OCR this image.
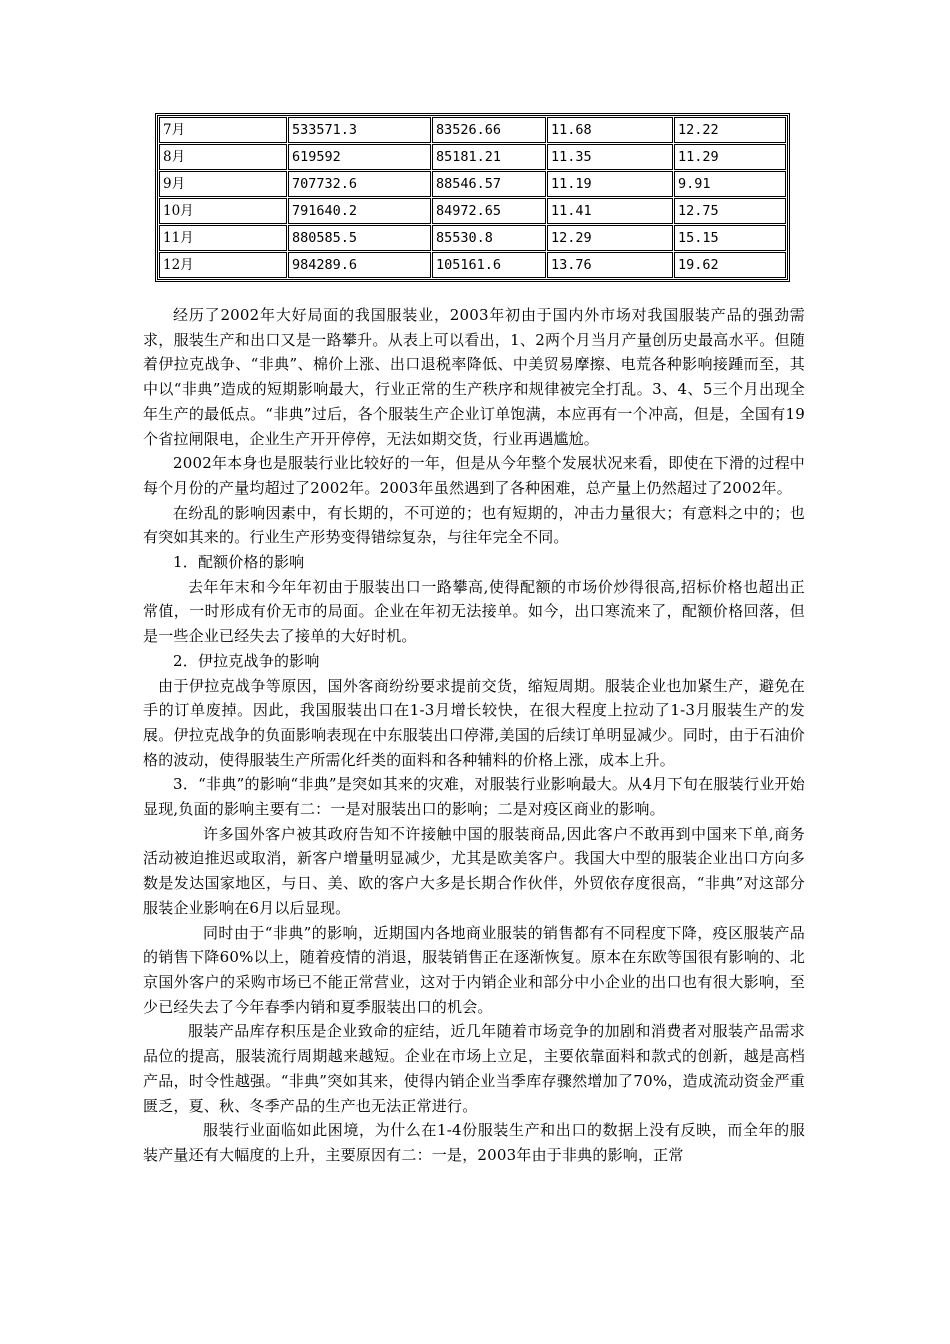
7月	533571.3	83526.66	11.68	12.22
8月	619592	85181.21	11.35	11.29
9月	707732.6	88546.57	11.19	9.91
10月	791640.2	84972.65	11.41	12.75
11月	880585.5	85530.8	12.29	15.15
12月	984289.6	105161.6	13.76	19.62

经历了2002年大好局面的我国服装业，2003年初由于国内外市场对我国服装产品的强劲需求，服装生产和出口又是一路攀升。从表上可以看出，1、2两个月当月产量创历史最高水平。但随着伊拉克战争、“非典”、棉价上涨、出口退税率降低、中美贸易摩擦、电荒各种影响接踵而至，其中以“非典”造成的短期影响最大，行业正常的生产秩序和规律被完全打乱。3、4、5三个月出现全年生产的最低点。“非典”过后，各个服装生产企业订单饱满，本应再有一个冲高，但是，全国有19个省拉闸限电，企业生产开开停停，无法如期交货，行业再遇尴尬。

2002年本身也是服装行业比较好的一年，但是从今年整个发展状况来看，即使在下滑的过程中每个月份的产量均超过了2002年。2003年虽然遇到了各种困难，总产量上仍然超过了2002年。

在纷乱的影响因素中，有长期的，不可逆的；也有短期的，冲击力量很大；有意料之中的；也有突如其来的。行业生产形势变得错综复杂，与往年完全不同。

1．配额价格的影响

去年年末和今年年初由于服装出口一路攀高,使得配额的市场价炒得很高,招标价格也超出正常值，一时形成有价无市的局面。企业在年初无法接单。如今，出口寒流来了，配额价格回落，但是一些企业已经失去了接单的大好时机。

2．伊拉克战争的影响

由于伊拉克战争等原因，国外客商纷纷要求提前交货，缩短周期。服装企业也加紧生产，避免在手的订单废掉。因此，我国服装出口在1-3月增长较快，在很大程度上拉动了1-3月服装生产的发展。伊拉克战争的负面影响表现在中东服装出口停滞,美国的后续订单明显减少。同时，由于石油价格的波动，使得服装生产所需化纤类的面料和各种辅料的价格上涨，成本上升。

3．“非典”的影响“非典”是突如其来的灾难，对服装行业影响最大。从4月下旬在服装行业开始显现,负面的影响主要有二：一是对服装出口的影响；二是对疫区商业的影响。

许多国外客户被其政府告知不许接触中国的服装商品,因此客户不敢再到中国来下单,商务活动被迫推迟或取消，新客户增量明显减少，尤其是欧美客户。我国大中型的服装企业出口方向多数是发达国家地区，与日、美、欧的客户大多是长期合作伙伴，外贸依存度很高，“非典”对这部分服装企业影响在6月以后显现。

同时由于“非典”的影响，近期国内各地商业服装的销售都有不同程度下降，疫区服装产品的销售下降60%以上，随着疫情的消退，服装销售正在逐渐恢复。原本在东欧等国很有影响的、北京国外客户的采购市场已不能正常营业，这对于内销企业和部分中小企业的出口也有很大影响，至少已经失去了今年春季内销和夏季服装出口的机会。

服装产品库存积压是企业致命的症结，近几年随着市场竞争的加剧和消费者对服装产品需求品位的提高，服装流行周期越来越短。企业在市场上立足，主要依靠面料和款式的创新，越是高档产品，时令性越强。“非典”突如其来，使得内销企业当季库存骤然增加了70%，造成流动资金严重匮乏，夏、秋、冬季产品的生产也无法正常进行。

服装行业面临如此困境，为什么在1-4份服装生产和出口的数据上没有反映，而全年的服装产量还有大幅度的上升，主要原因有二：一是，2003年由于非典的影响，正常
